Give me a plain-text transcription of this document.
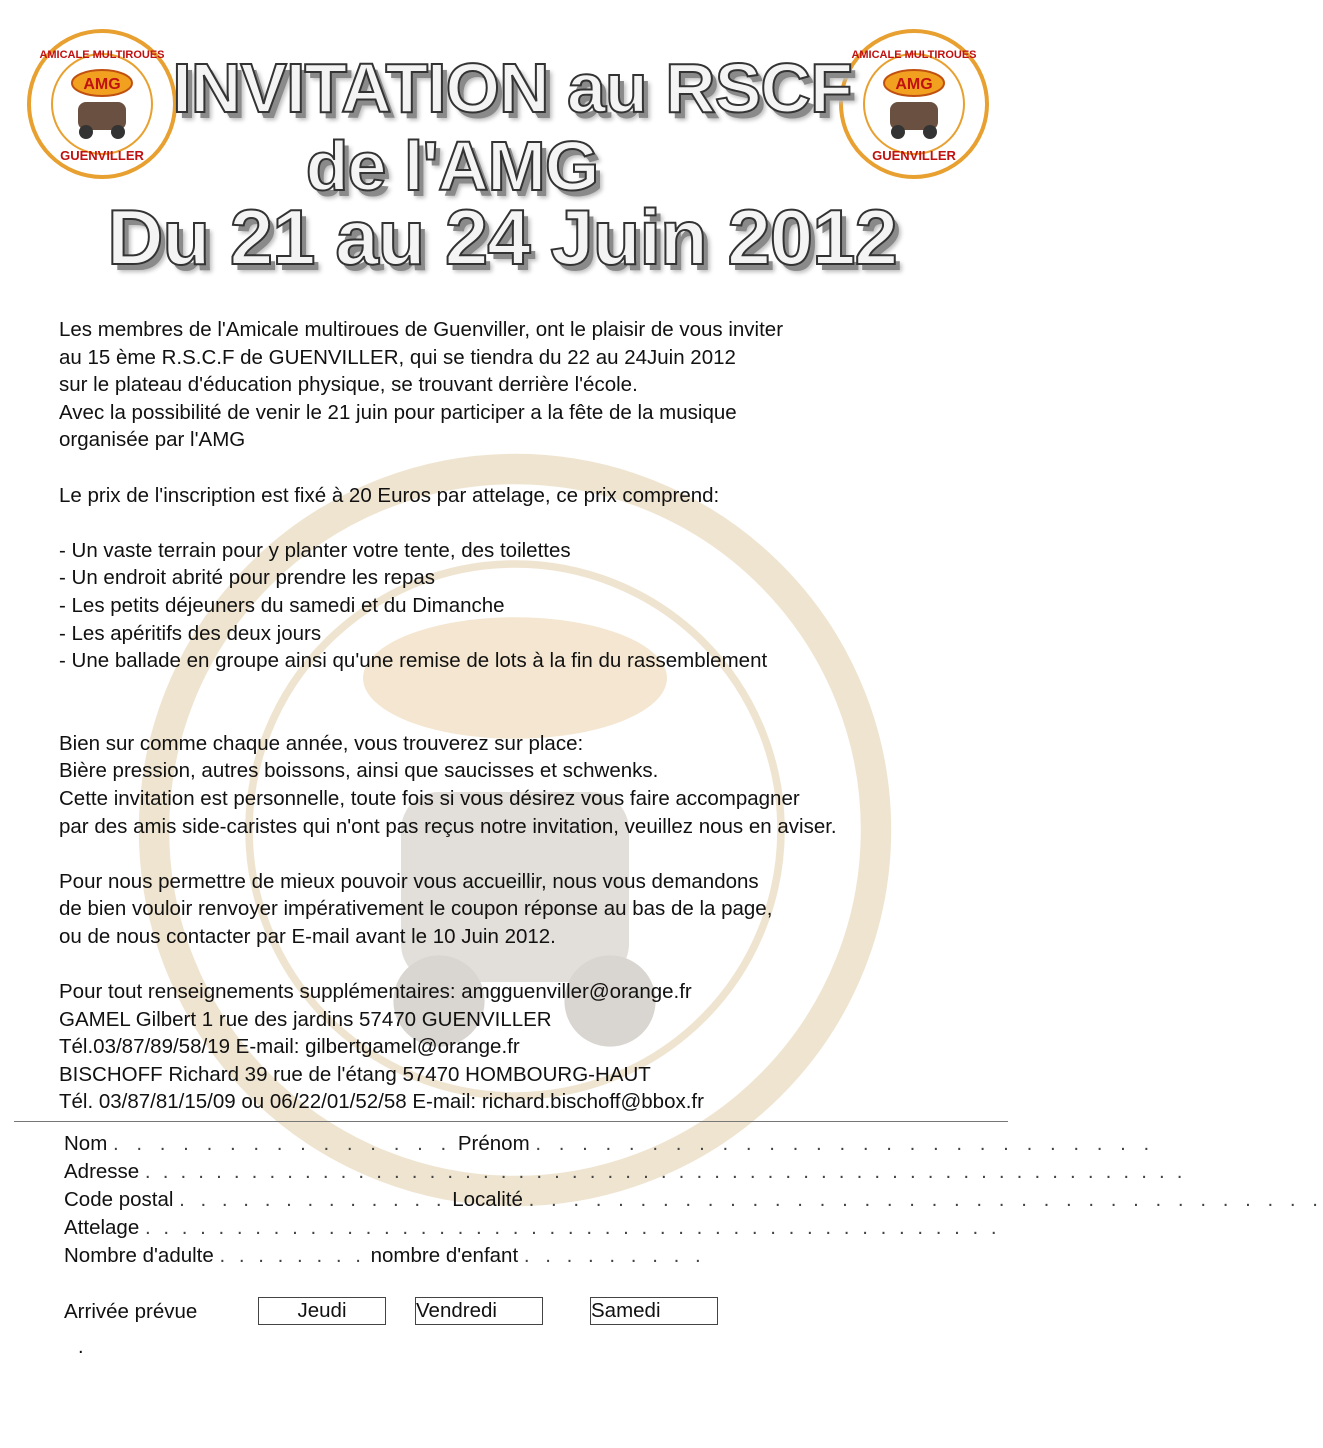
AMG
AMICALE MULTIROUES
GUENVILLER
AMG
AMICALE MULTIROUES
GUENVILLER
INVITATION au RSCF
de l'AMG
Du 21 au 24 Juin 2012

Les membres de l'Amicale multiroues de Guenviller, ont le plaisir de vous inviter

au 15 ème R.S.C.F de GUENVILLER, qui se tiendra du 22 au 24Juin 2012

sur le plateau d'éducation physique, se trouvant derrière l'école.

Avec la possibilité de venir le 21 juin pour participer a la fête de la musique

organisée par l'AMG

Le prix de l'inscription est fixé à 20 Euros par attelage, ce prix comprend:

- Un vaste terrain pour y planter votre tente, des toilettes

- Un endroit abrité pour prendre les repas

- Les petits déjeuners du samedi et du Dimanche

- Les apéritifs des deux jours

- Une ballade en groupe ainsi qu'une remise de lots à la fin du rassemblement

Bien sur comme chaque année, vous trouverez sur place:

Bière pression, autres boissons, ainsi que saucisses et schwenks.

Cette invitation est personnelle, toute fois si vous désirez vous faire accompagner

par des amis side-caristes qui n'ont pas reçus notre invitation, veuillez nous en aviser.

Pour nous permettre de mieux pouvoir vous accueillir, nous vous demandons

de bien vouloir renvoyer impérativement le coupon réponse au bas de la page,

ou de nous contacter par E-mail avant le 10 Juin 2012.

Pour tout renseignements supplémentaires: amgguenviller@orange.fr

GAMEL Gilbert 1 rue des jardins 57470 GUENVILLER

Tél.03/87/89/58/19 E-mail: gilbertgamel@orange.fr

BISCHOFF Richard 39 rue de l'étang 57470 HOMBOURG-HAUT

Tél. 03/87/81/15/09 ou 06/22/01/52/58 E-mail: richard.bischoff@bbox.fr

Nom . . . . . . . . . . . . . . . Prénom . . . . . . . . . . . . . . . . . . . . . . . . . . .
Adresse . . . . . . . . . . . . . . . . . . . . . . . . . . . . . . . . . . . . . . . . . . . . . . . . . . . . . . . . . . .
Code postal . . . . . . . . . . . . . Localité . . . . . . . . . . . . . . . . . . . . . . . . . . . . . . . . . . . .
Attelage . . . . . . . . . . . . . . . . . . . . . . . . . . . . . . . . . . . . . . . . . . . . . . .
Nombre d'adulte . . . . . . . . nombre d'enfant . . . . . . . . .
Arrivée prévue	Jeudi	Vendredi	Samedi
.
